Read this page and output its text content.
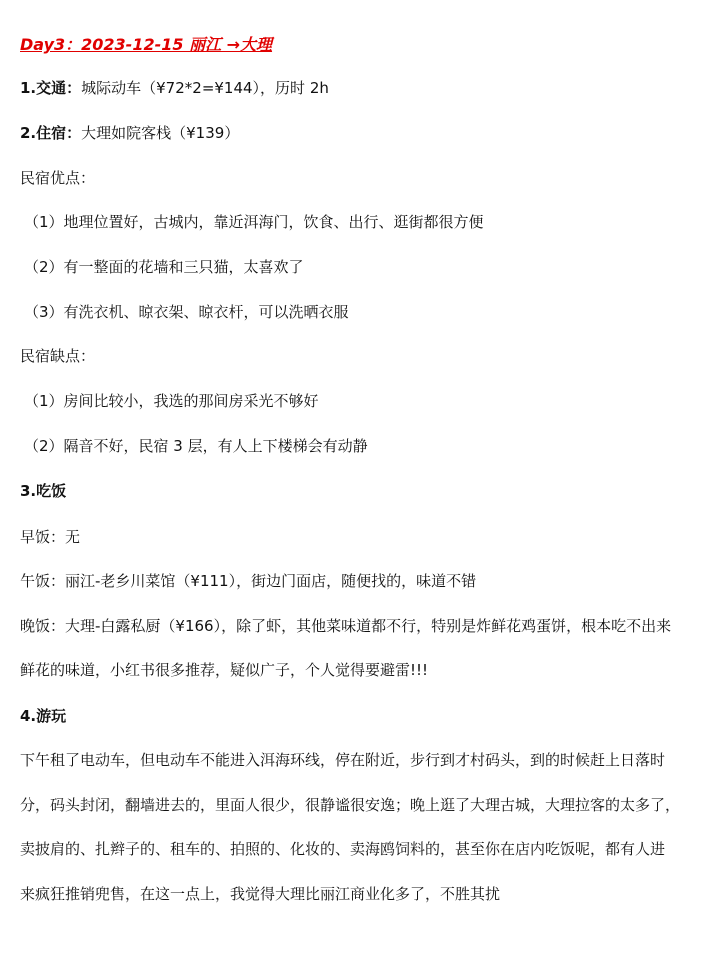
Day3：2023-12-15 丽江 →大理
1.交通：城际动车（¥72*2=¥144），历时 2h
2.住宿：大理如院客栈（¥139）
民宿优点：
（1）地理位置好，古城内，靠近洱海门，饮食、出行、逛街都很方便
（2）有一整面的花墙和三只猫，太喜欢了
（3）有洗衣机、晾衣架、晾衣杆，可以洗晒衣服
民宿缺点：
（1）房间比较小，我选的那间房采光不够好
（2）隔音不好，民宿 3 层，有人上下楼梯会有动静
3.吃饭
早饭：无
午饭：丽江-老乡川菜馆（¥111），街边门面店，随便找的，味道不错
晚饭：大理-白露私厨（¥166），除了虾，其他菜味道都不行，特别是炸鲜花鸡蛋饼，根本吃不出来
鲜花的味道，小红书很多推荐，疑似广子，个人觉得要避雷!!!
4.游玩
下午租了电动车，但电动车不能进入洱海环线，停在附近，步行到才村码头，到的时候赶上日落时
分，码头封闭，翻墙进去的，里面人很少，很静谧很安逸；晚上逛了大理古城，大理拉客的太多了，
卖披肩的、扎辫子的、租车的、拍照的、化妆的、卖海鸥饲料的，甚至你在店内吃饭呢，都有人进
来疯狂推销兜售，在这一点上，我觉得大理比丽江商业化多了，不胜其扰
